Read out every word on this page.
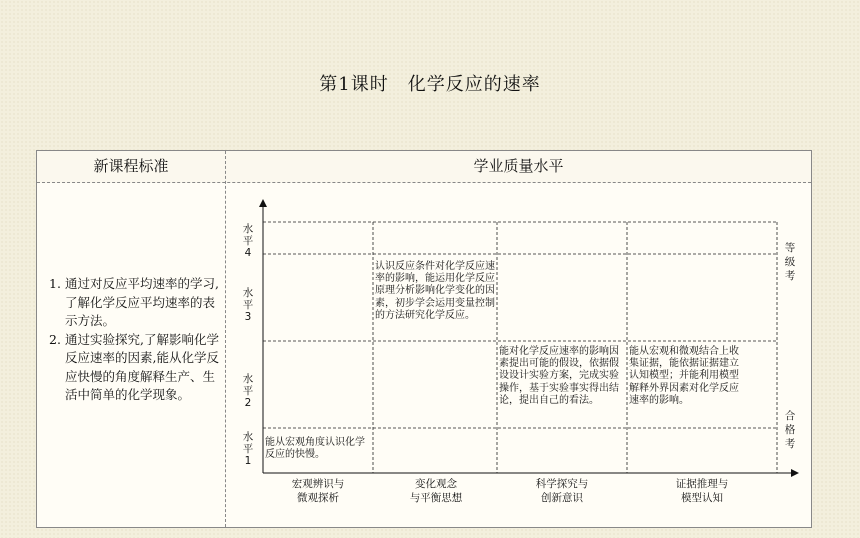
第1课时　化学反应的速率
新课程标准	学业质量水平
1. 通过对反应平均速率的学习,了解化学反应平均速率的表示方法。
2. 通过实验探究,了解影响化学反应速率的因素,能从化学反应快慢的角度解释生产、生活中简单的化学现象。
水
平
4
水
平
3
水
平
2
水
平
1
等
级
考
合
格
考
能从宏观角度认识化学反应的快慢。
认识反应条件对化学反应速率的影响，能运用化学反应原理分析影响化学变化的因素，初步学会运用变量控制的方法研究化学反应。
能对化学反应速率的影响因素提出可能的假设，依据假设设计实验方案，完成实验操作，基于实验事实得出结论，提出自己的看法。
能从宏观和微观结合上收集证据，能依据证据建立认知模型；并能利用模型解释外界因素对化学反应速率的影响。
宏观辨识与
微观探析
变化观念
与平衡思想
科学探究与
创新意识
证据推理与
模型认知
